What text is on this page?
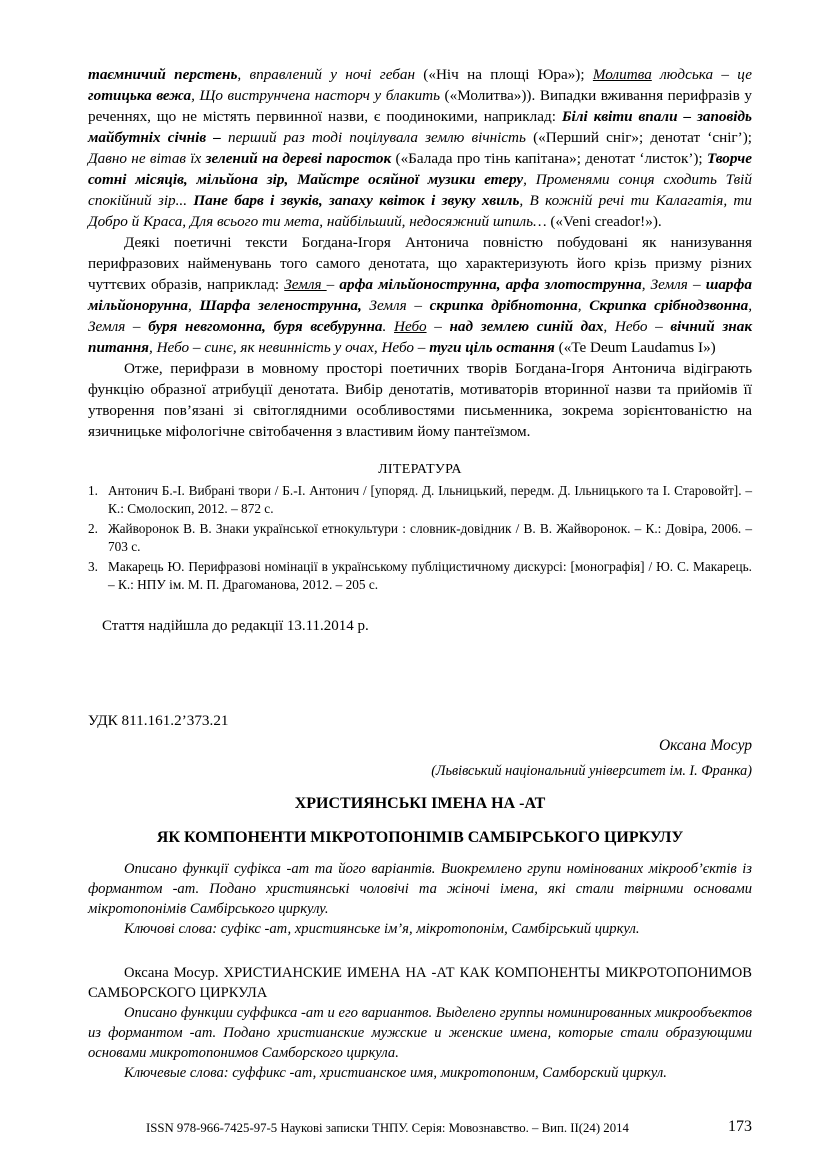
таємничий перстень, вправлений у ночі гебан («Ніч на площі Юра»); Молитва людська – це готицька вежа, Що виструнчена насторч у блакить («Молитва»)). Випадки вживання перифразів у реченнях, що не містять первинної назви, є поодинокими, наприклад: Білі квіти впали – заповідь майбутніх січнів – перший раз тоді поцілувала землю вічність («Перший сніг»; денотат ‘сніг’); Давно не вітав їх зелений на дереві пароcток («Балада про тінь капітана»; денотат ‘листок’); Творче сотні місяців, мільйона зір, Майстре осяйної музики етеру, Променями сонця сходить Твій спокійний зір... Пане барв і звуків, запаху квіток і звуку хвиль, В кожній речі ти Калагатія, ти Добро й Краса, Для всього ти мета, найбільший, недосяжний шпиль… («Veni creador!»).

Деякі поетичні тексти Богдана-Ігоря Антонича повністю побудовані як нанизування перифразових найменувань того самого денотата, що характеризують його крізь призму різних чуттєвих образів, наприклад: Земля – арфа мільйонострунна, арфа злотострунна, Земля – шарфа мільйоноруннa, Шарфа зеленострунна, Земля – скрипка дрібнотонна, Скрипка срібнодзвонна, Земля – буря невгомонна, буря всебурунна. Небо – над землею синій дах, Небо – вічний знак питання, Небо – синє, як невинність у очах, Небо – туги ціль остання («Te Deum Laudamus I»)

Отже, перифрази в мовному просторі поетичних творів Богдана-Ігоря Антонича відіграють функцію образної атрибуції денотата. Вибір денотатів, мотиваторів вторинної назви та прийомів її утворення пов’язані зі світоглядними особливостями письменника, зокрема зорієнтованістю на язичницьке міфологічне світобачення з властивим йому пантеїзмом.

ЛІТЕРАТУРА
1. Антонич Б.-І. Вибрані твори / Б.-І. Антонич / [упоряд. Д. Ільницький, передм. Д. Ільницького та І. Старовойт]. – К.: Смолоскип, 2012. – 872 с.
2. Жайворонок В. В. Знаки української етнокультури : словник-довідник / В. В. Жайворонок. – К.: Довіра, 2006. – 703 с.
3. Макарець Ю. Перифразові номінації в українському публіцистичному дискурсі: [монографія] / Ю. С. Макарець. – К.: НПУ ім. М. П. Драгоманова, 2012. – 205 с.

Стаття надійшла до редакції 13.11.2014 р.

УДК 811.161.2’373.21
Оксана Мосур
(Львівський національний університет ім. І. Франка)
ХРИСТИЯНСЬКІ ІМЕНА НА -АТ
ЯК КОМПОНЕНТИ МІКРОТОПОНІМІВ САМБІРСЬКОГО ЦИРКУЛУ

Описано функції суфікса -ат та його варіантів. Виокремлено групи номінованих мікрооб’єктів із формантом -ат. Подано християнські чоловічі та жіночі імена, які стали твірними основами мікротопонімів Самбірського циркулу.

Ключові слова: суфікс -ат, християнське ім’я, мікротопонім, Самбірський циркул.

Оксана Мосур. ХРИСТИАНСКИЕ ИМЕНА НА -АТ КАК КОМПОНЕНТЫ МИКРОТОПОНИМОВ САМБОРСКОГО ЦИРКУЛА

Описано функции суффикса -ат и его вариантов. Выделено группы номинированных микрообъектов из формантом -ат. Подано христианские мужские и женские имена, которые стали образующими основами микротопонимов Самборского циркула.

Ключевые слова: суффикс -ат, христианское имя, микротопоним, Самборский циркул.

ISSN 978-966-7425-97-5 Наукові записки ТНПУ. Серія: Мовознавство. – Вип. ІІ(24) 2014	173
